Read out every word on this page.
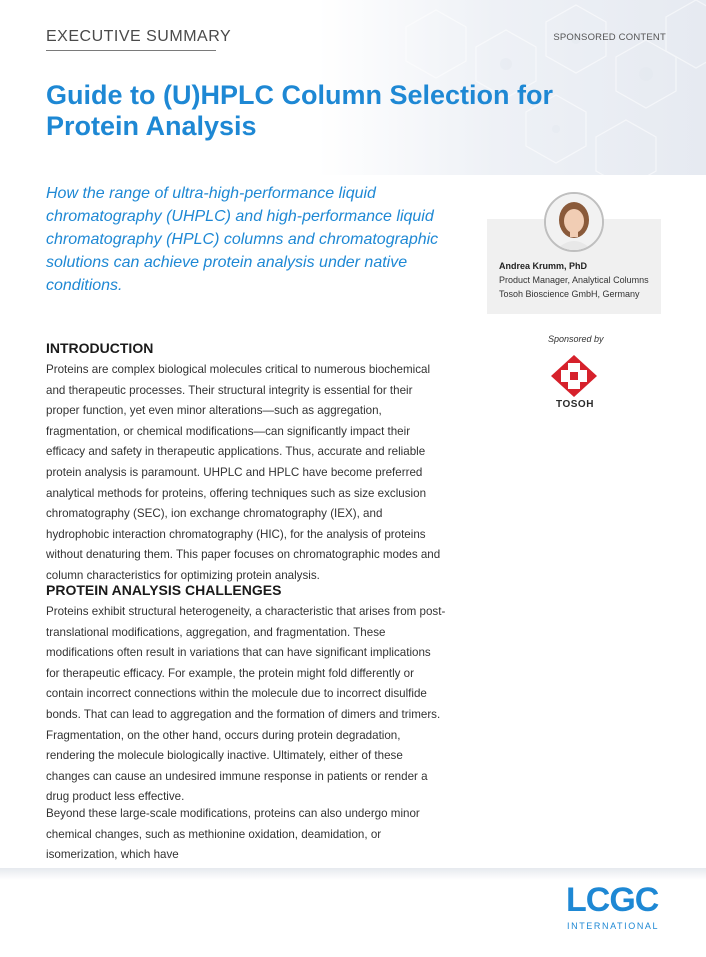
EXECUTIVE SUMMARY	SPONSORED CONTENT
Guide to (U)HPLC Column Selection for Protein Analysis

How the range of ultra-high-performance liquid chromatography (UHPLC) and high-performance liquid chromatography (HPLC) columns and chromatographic solutions can achieve protein analysis under native conditions.

Andrea Krumm, PhD
Product Manager, Analytical Columns
Tosoh Bioscience GmbH, Germany
Sponsored by
TOSOH
INTRODUCTION

Proteins are complex biological molecules critical to numerous biochemical and therapeutic processes. Their structural integrity is essential for their proper function, yet even minor alterations—such as aggregation, fragmentation, or chemical modifications—can significantly impact their efficacy and safety in therapeutic applications. Thus, accurate and reliable protein analysis is paramount. UHPLC and HPLC have become preferred analytical methods for proteins, offering techniques such as size exclusion chromatography (SEC), ion exchange chromatography (IEX), and hydrophobic interaction chromatography (HIC), for the analysis of proteins without denaturing them. This paper focuses on chromatographic modes and column characteristics for optimizing protein analysis.

PROTEIN ANALYSIS CHALLENGES

Proteins exhibit structural heterogeneity, a characteristic that arises from post-translational modifications, aggregation, and fragmentation. These modifications often result in variations that can have significant implications for therapeutic efficacy. For example, the protein might fold differently or contain incorrect connections within the molecule due to incorrect disulfide bonds. That can lead to aggregation and the formation of dimers and trimers. Fragmentation, on the other hand, occurs during protein degradation, rendering the molecule biologically inactive. Ultimately, either of these changes can cause an undesired immune response in patients or render a drug product less effective.

Beyond these large-scale modifications, proteins can also undergo minor chemical changes, such as methionine oxidation, deamidation, or isomerization, which have

LCGC
INTERNATIONAL
